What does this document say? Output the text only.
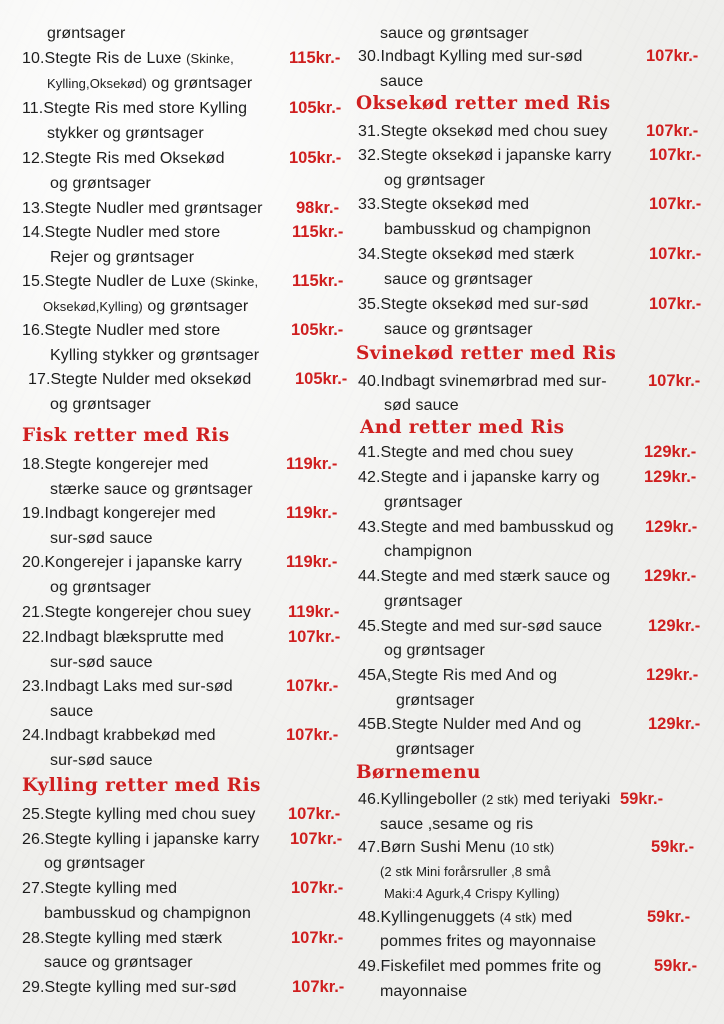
grøntsager
10.Stegte Ris de Luxe (Skinke,	115kr.-
Kylling,Oksekød) og grøntsager
11.Stegte Ris med store Kylling	105kr.-
stykker og grøntsager
12.Stegte Ris med Oksekød	105kr.-
og grøntsager
13.Stegte Nudler med grøntsager 98kr.-
14.Stegte Nudler med store	115kr.-
Rejer og grøntsager
15.Stegte Nudler de Luxe (Skinke, 115kr.-
Oksekød,Kylling) og grøntsager
16.Stegte Nudler med store	105kr.-
Kylling stykker og grøntsager
17.Stegte Nulder med oksekød	105kr.-
og grøntsager
Fisk retter med Ris
18.Stegte kongerejer med	119kr.-
stærke sauce og grøntsager
19.Indbagt kongerejer med	119kr.-
sur-sød sauce
20.Kongerejer i japanske karry	119kr.-
og grøntsager
21.Stegte kongerejer chou suey 119kr.-
22.Indbagt blæksprutte med	107kr.-
sur-sød sauce
23.Indbagt Laks med sur-sød	107kr.-
sauce
24.Indbagt krabbekød med	107kr.-
sur-sød sauce
Kylling retter med Ris
25.Stegte kylling med chou suey 107kr.-
26.Stegte kylling i japanske karry 107kr.-
og grøntsager
27.Stegte kylling med	107kr.-
bambusskud og champignon
28.Stegte kylling med stærk	107kr.-
sauce og grøntsager
29.Stegte kylling med sur-sød	107kr.-
sauce og grøntsager
30.Indbagt Kylling med sur-sød	107kr.-
sauce
Oksekød retter med Ris
31.Stegte oksekød med chou suey 107kr.-
32.Stegte oksekød i japanske karry 107kr.-
og grøntsager
33.Stegte oksekød med	107kr.-
bambusskud og champignon
34.Stegte oksekød med stærk	107kr.-
sauce og grøntsager
35.Stegte oksekød med sur-sød	107kr.-
sauce og grøntsager
Svinekød retter med Ris
40.Indbagt svinemørbrad med sur-	107kr.-
sød sauce
And retter med Ris
41.Stegte and med chou suey	129kr.-
42.Stegte and i japanske karry og	129kr.-
grøntsager
43.Stegte and med bambusskud og 129kr.-
champignon
44.Stegte and med stærk sauce og 129kr.-
grøntsager
45.Stegte and med sur-sød sauce	129kr.-
og grøntsager
45A,Stegte Ris med And og	129kr.-
grøntsager
45B.Stegte Nulder med And og	129kr.-
grøntsager
Børnemenu
46.Kyllingeboller (2 stk) med teriyaki 59kr.-
sauce ,sesame og ris
47.Børn Sushi Menu (10 stk)	59kr.-
(2 stk Mini forårsruller ,8 små
Maki:4 Agurk,4 Crispy Kylling)
48.Kyllingenuggets (4 stk) med	59kr.-
pommes frites og mayonnaise
49.Fiskefilet med pommes frite og	59kr.-
mayonnaise
